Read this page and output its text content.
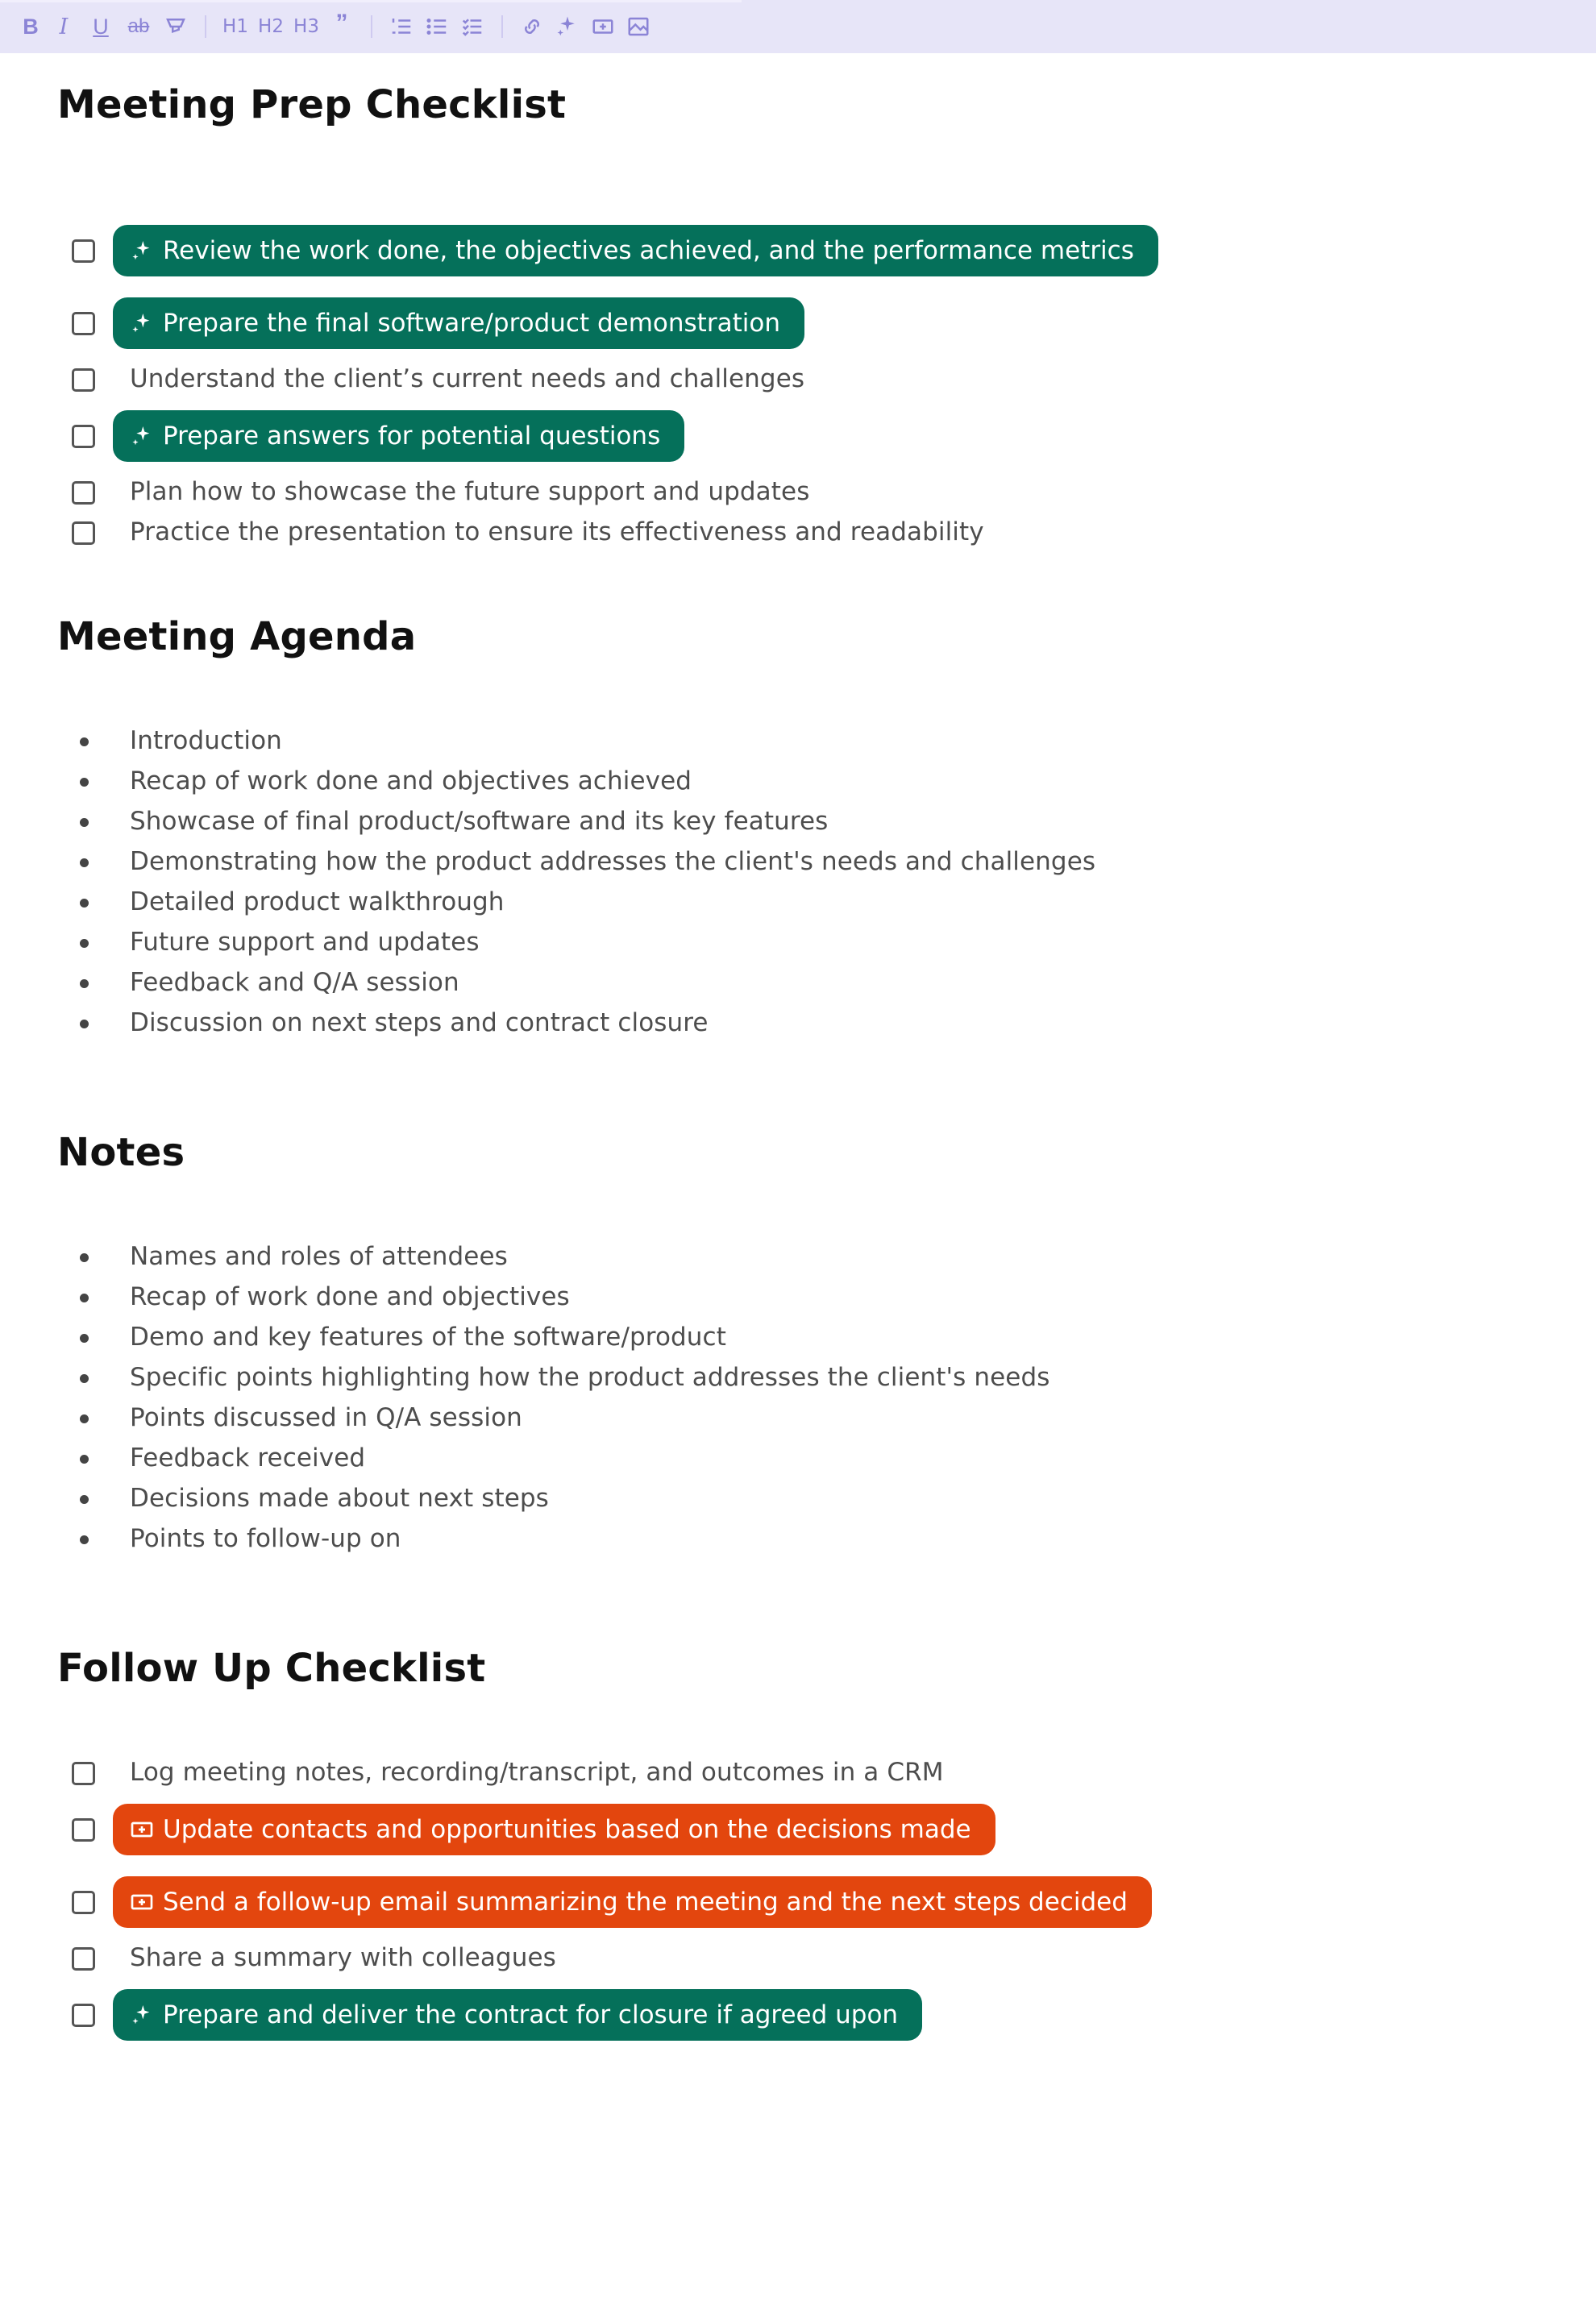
B I	U ab	H1 H2 H3 ”
Meeting Prep Checklist
Review the work done, the objectives achieved, and the performance metrics
Prepare the final software/product demonstration
Understand the client’s current needs and challenges
Prepare answers for potential questions
Plan how to showcase the future support and updates
Practice the presentation to ensure its effectiveness and readability
Meeting Agenda
Introduction
Recap of work done and objectives achieved
Showcase of final product/software and its key features
Demonstrating how the product addresses the client's needs and challenges
Detailed product walkthrough
Future support and updates
Feedback and Q/A session
Discussion on next steps and contract closure
Notes
Names and roles of attendees
Recap of work done and objectives
Demo and key features of the software/product
Specific points highlighting how the product addresses the client's needs
Points discussed in Q/A session
Feedback received
Decisions made about next steps
Points to follow-up on
Follow Up Checklist
Log meeting notes, recording/transcript, and outcomes in a CRM
Update contacts and opportunities based on the decisions made
Send a follow-up email summarizing the meeting and the next steps decided
Share a summary with colleagues
Prepare and deliver the contract for closure if agreed upon
